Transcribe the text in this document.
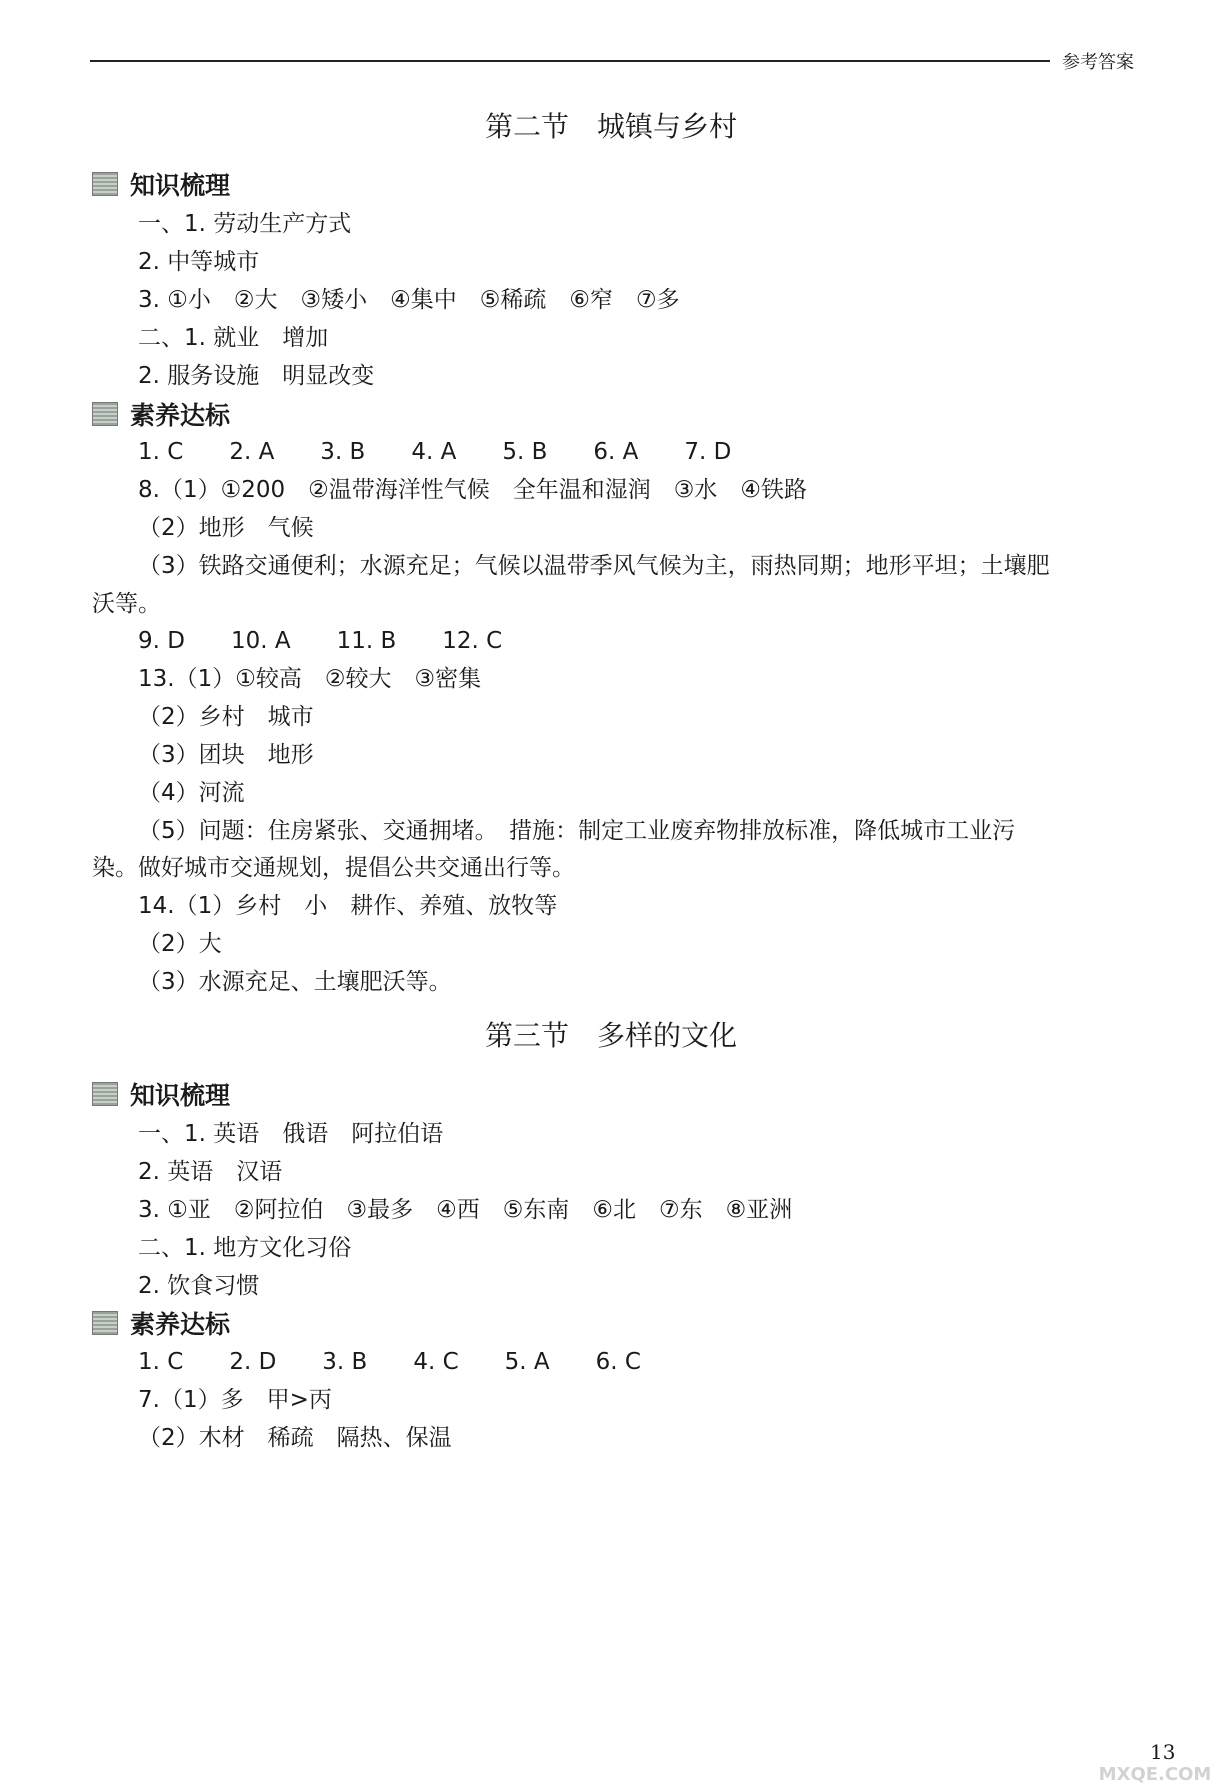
参考答案
第二节　城镇与乡村
知识梳理
一、1. 劳动生产方式
2. 中等城市
3. ①小　②大　③矮小　④集中　⑤稀疏　⑥窄　⑦多
二、1. 就业　增加
2. 服务设施　明显改变
素养达标
1. C　　2. A　　3. B　　4. A　　5. B　　6. A　　7. D
8.（1）①200　②温带海洋性气候　全年温和湿润　③水　④铁路
（2）地形　气候
（3）铁路交通便利；水源充足；气候以温带季风气候为主，雨热同期；地形平坦；土壤肥
沃等。
9. D　　10. A　　11. B　　12. C
13.（1）①较高　②较大　③密集
（2）乡村　城市
（3）团块　地形
（4）河流
（5）问题：住房紧张、交通拥堵。　措施：制定工业废弃物排放标准，降低城市工业污
染。做好城市交通规划，提倡公共交通出行等。
14.（1）乡村　小　耕作、养殖、放牧等
（2）大
（3）水源充足、土壤肥沃等。
第三节　多样的文化
知识梳理
一、1. 英语　俄语　阿拉伯语
2. 英语　汉语
3. ①亚　②阿拉伯　③最多　④西　⑤东南　⑥北　⑦东　⑧亚洲
二、1. 地方文化习俗
2. 饮食习惯
素养达标
1. C　　2. D　　3. B　　4. C　　5. A　　6. C
7.（1）多　甲>丙
（2）木材　稀疏　隔热、保温
13
MXQE.COM
